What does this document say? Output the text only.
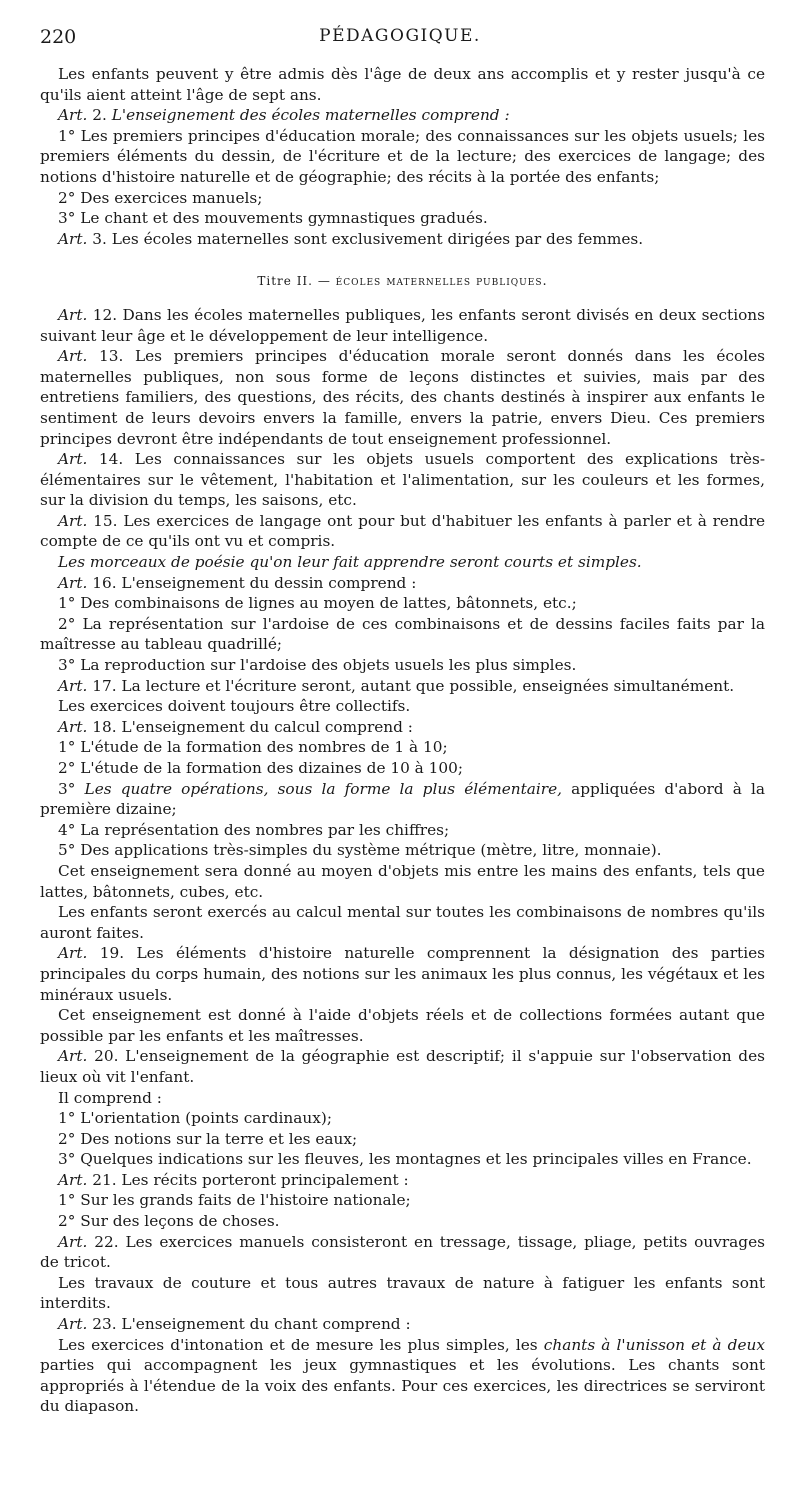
220	PÉDAGOGIQUE.

Les enfants peuvent y être admis dès l'âge de deux ans accomplis et y rester jusqu'à ce qu'ils aient atteint l'âge de sept ans.

Art. 2. L'enseignement des écoles maternelles comprend :

1° Les premiers principes d'éducation morale; des connaissances sur les objets usuels; les premiers éléments du dessin, de l'écriture et de la lecture; des exercices de langage; des notions d'histoire naturelle et de géographie; des récits à la portée des enfants;

2° Des exercices manuels;

3° Le chant et des mouvements gymnastiques gradués.

Art. 3. Les écoles maternelles sont exclusivement dirigées par des femmes.

Titre II. — écoles maternelles publiques.

Art. 12. Dans les écoles maternelles publiques, les enfants seront divisés en deux sections suivant leur âge et le développement de leur intelligence.

Art. 13. Les premiers principes d'éducation morale seront donnés dans les écoles maternelles publiques, non sous forme de leçons distinctes et suivies, mais par des entretiens familiers, des questions, des récits, des chants destinés à inspirer aux enfants le sentiment de leurs devoirs envers la famille, envers la patrie, envers Dieu. Ces premiers principes devront être indépendants de tout enseignement professionnel.

Art. 14. Les connaissances sur les objets usuels comportent des explications très-élémentaires sur le vêtement, l'habitation et l'alimentation, sur les couleurs et les formes, sur la division du temps, les saisons, etc.

Art. 15. Les exercices de langage ont pour but d'habituer les enfants à parler et à rendre compte de ce qu'ils ont vu et compris.

Les morceaux de poésie qu'on leur fait apprendre seront courts et simples.

Art. 16. L'enseignement du dessin comprend :

1° Des combinaisons de lignes au moyen de lattes, bâtonnets, etc.;

2° La représentation sur l'ardoise de ces combinaisons et de dessins faciles faits par la maîtresse au tableau quadrillé;

3° La reproduction sur l'ardoise des objets usuels les plus simples.

Art. 17. La lecture et l'écriture seront, autant que possible, enseignées simultanément.

Les exercices doivent toujours être collectifs.

Art. 18. L'enseignement du calcul comprend :

1° L'étude de la formation des nombres de 1 à 10;

2° L'étude de la formation des dizaines de 10 à 100;

3° Les quatre opérations, sous la forme la plus élémentaire, appliquées d'abord à la première dizaine;

4° La représentation des nombres par les chiffres;

5° Des applications très-simples du système métrique (mètre, litre, monnaie).

Cet enseignement sera donné au moyen d'objets mis entre les mains des enfants, tels que lattes, bâtonnets, cubes, etc.

Les enfants seront exercés au calcul mental sur toutes les combinaisons de nombres qu'ils auront faites.

Art. 19. Les éléments d'histoire naturelle comprennent la désignation des parties principales du corps humain, des notions sur les animaux les plus connus, les végétaux et les minéraux usuels.

Cet enseignement est donné à l'aide d'objets réels et de collections formées autant que possible par les enfants et les maîtresses.

Art. 20. L'enseignement de la géographie est descriptif; il s'appuie sur l'observation des lieux où vit l'enfant.

Il comprend :

1° L'orientation (points cardinaux);

2° Des notions sur la terre et les eaux;

3° Quelques indications sur les fleuves, les montagnes et les principales villes en France.

Art. 21. Les récits porteront principalement :

1° Sur les grands faits de l'histoire nationale;

2° Sur des leçons de choses.

Art. 22. Les exercices manuels consisteront en tressage, tissage, pliage, petits ouvrages de tricot.

Les travaux de couture et tous autres travaux de nature à fatiguer les enfants sont interdits.

Art. 23. L'enseignement du chant comprend :

Les exercices d'intonation et de mesure les plus simples, les chants à l'unisson et à deux parties qui accompagnent les jeux gymnastiques et les évolutions. Les chants sont appropriés à l'étendue de la voix des enfants. Pour ces exercices, les directrices se serviront du diapason.
